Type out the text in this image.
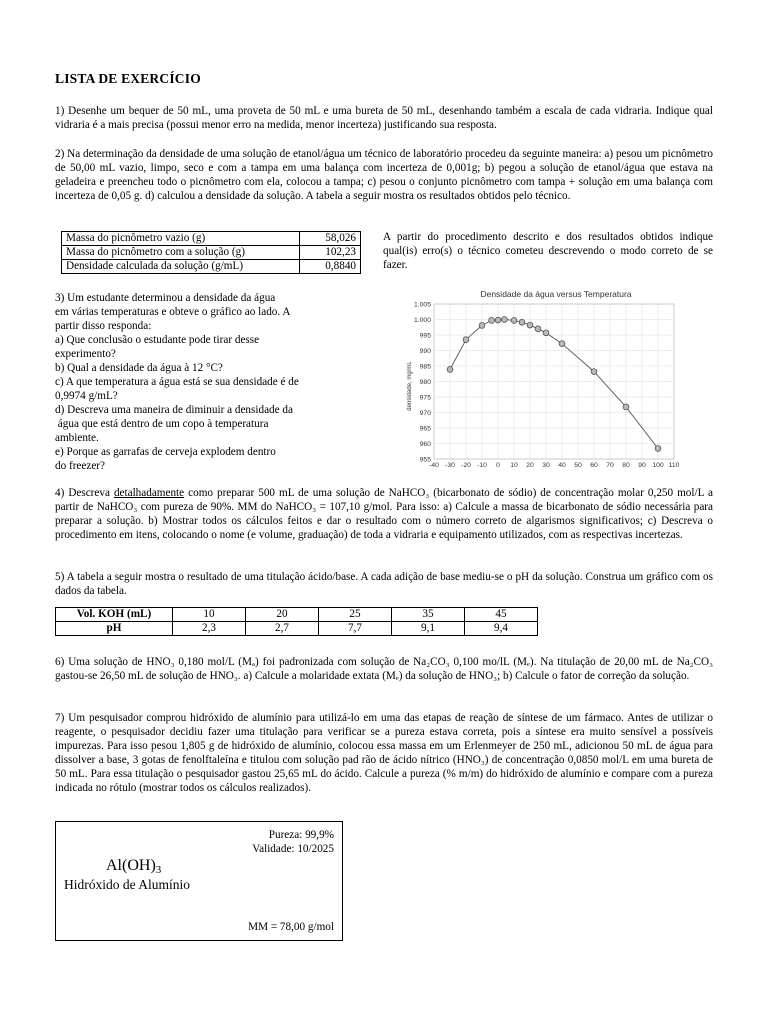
LISTA DE EXERCÍCIO

1) Desenhe um bequer de 50 mL, uma proveta de 50 mL e uma bureta de 50 mL, desenhando também a escala de cada vidraria. Indique qual vidraria é a mais precisa (possui menor erro na medida, menor incerteza) justificando sua resposta.

2) Na determinação da densidade de uma solução de etanol/água um técnico de laboratório procedeu da seguinte maneira: a) pesou um picnômetro de 50,00 mL vazio, limpo, seco e com a tampa em uma balança com incerteza de 0,001g; b) pegou a solução de etanol/água que estava na geladeira e preencheu todo o picnômetro com ela, colocou a tampa; c) pesou o conjunto picnômetro com tampa + solução em uma balança com incerteza de 0,05 g. d) calculou a densidade da solução. A tabela a seguir mostra os resultados obtidos pelo técnico.

Massa do picnômetro vazio (g)	58,026
Massa do picnômetro com a solução (g)	102,23
Densidade calculada da solução (g/mL)	0,8840

A partir do procedimento descrito e dos resultados obtidos indique qual(is) erro(s) o técnico cometeu descrevendo o modo correto de se fazer.

3) Um estudante determinou a densidade da água
em várias temperaturas e obteve o gráfico ao lado. A
partir disso responda:
a) Que conclusão o estudante pode tirar desse
experimento?
b) Qual a densidade da água à 12 °C?
c) A que temperatura a água está se sua densidade é de
0,9974 g/mL?
d) Descreva uma maneira de diminuir a densidade da
água que está dentro de um copo à temperatura
ambiente.
e) Porque as garrafas de cerveja explodem dentro
do freezer?
Densidade da água versus Temperatura
densidade, mg/mL
-40 -30 -20 -10 0 10 20 30 40 50 60 70 80 90 100 110
1.005
1.000
995
990
985
980
975
970
965
960
955

4) Descreva detalhadamente como preparar 500 mL de uma solução de NaHCO₃ (bicarbonato de sódio) de concentração molar 0,250 mol/L a partir de NaHCO₃ com pureza de 90%. MM do NaHCO₃ = 107,10 g/mol. Para isso: a) Calcule a massa de bicarbonato de sódio necessária para preparar a solução. b) Mostrar todos os cálculos feitos e dar o resultado com o número correto de algarismos significativos; c) Descreva o procedimento em itens, colocando o nome (e volume, graduação) de toda a vidraria e equipamento utilizados, com as respectivas incertezas.

5) A tabela a seguir mostra o resultado de uma titulação ácido/base. A cada adição de base mediu-se o pH da solução. Construa um gráfico com os dados da tabela.

Vol. KOH (mL)	10	20	25	35	45
pH	2,3	2,7	7,7	9,1	9,4

6) Uma solução de HNO₃ 0,180 mol/L (Mₐ) foi padronizada com solução de Na₂CO₃ 0,100 mo/lL (Mₑ). Na titulação de 20,00 mL de Na₂CO₃ gastou-se 26,50 mL de solução de HNO₃. a) Calcule a molaridade extata (Mₑ) da solução de HNO₃; b) Calcule o fator de correção da solução.

7) Um pesquisador comprou hidróxido de alumínio para utilizá-lo em uma das etapas de reação de síntese de um fármaco. Antes de utilizar o reagente, o pesquisador decidiu fazer uma titulação para verificar se a pureza estava correta, pois a síntese era muito sensível a possíveis impurezas. Para isso pesou 1,805 g de hidróxido de alumínio, colocou essa massa em um Erlenmeyer de 250 mL, adicionou 50 mL de água para dissolver a base, 3 gotas de fenolftaleína e titulou com solução pad rão de ácido nítrico (HNO₃) de concentração 0,0850 mol/L em uma bureta de 50 mL. Para essa titulação o pesquisador gastou 25,65 mL do ácido. Calcule a pureza (% m/m) do hidróxido de alumínio e compare com a pureza indicada no rótulo (mostrar todos os cálculos realizados).

Pureza: 99,9%
Validade: 10/2025
Al(OH)3
Hidróxido de Alumínio
MM = 78,00 g/mol
